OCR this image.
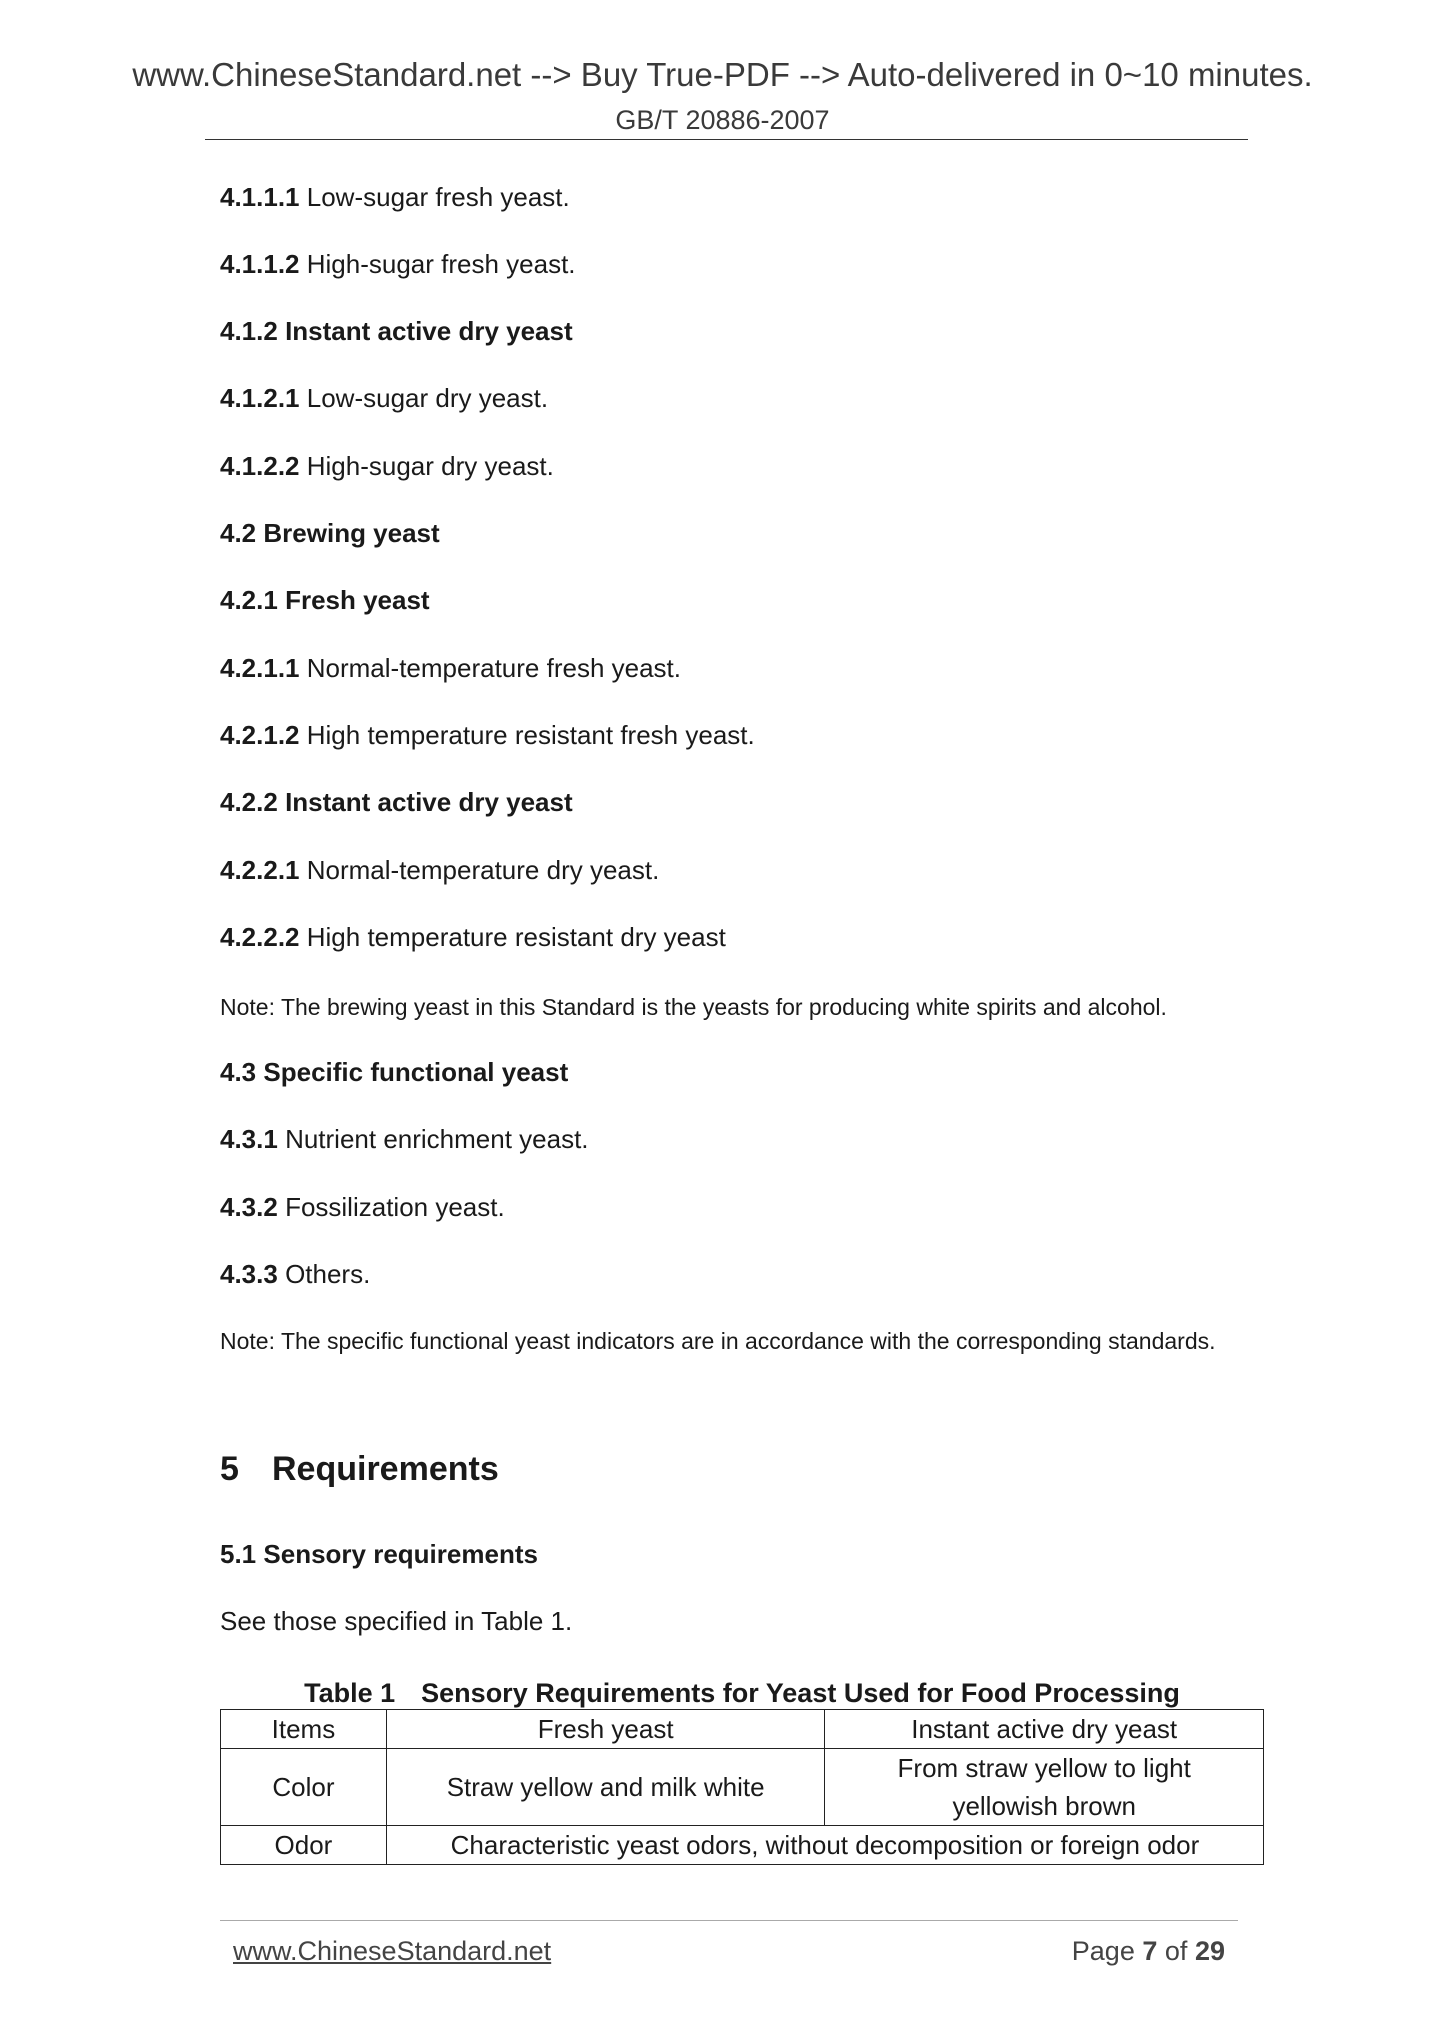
www.ChineseStandard.net --> Buy True-PDF --> Auto-delivered in 0~10 minutes.
GB/T 20886-2007
4.1.1.1 Low-sugar fresh yeast.
4.1.1.2 High-sugar fresh yeast.
4.1.2 Instant active dry yeast
4.1.2.1 Low-sugar dry yeast.
4.1.2.2 High-sugar dry yeast.
4.2 Brewing yeast
4.2.1 Fresh yeast
4.2.1.1 Normal-temperature fresh yeast.
4.2.1.2 High temperature resistant fresh yeast.
4.2.2 Instant active dry yeast
4.2.2.1 Normal-temperature dry yeast.
4.2.2.2 High temperature resistant dry yeast
Note: The brewing yeast in this Standard is the yeasts for producing white spirits and alcohol.
4.3 Specific functional yeast
4.3.1 Nutrient enrichment yeast.
4.3.2 Fossilization yeast.
4.3.3 Others.
Note: The specific functional yeast indicators are in accordance with the corresponding standards.
5 Requirements
5.1 Sensory requirements
See those specified in Table 1.
Table 1 Sensory Requirements for Yeast Used for Food Processing
Items	Fresh yeast	Instant active dry yeast
Color	Straw yellow and milk white	From straw yellow to light
yellowish brown
Odor	Characteristic yeast odors, without decomposition or foreign odor	
www.ChineseStandard.net	Page 7 of 29
